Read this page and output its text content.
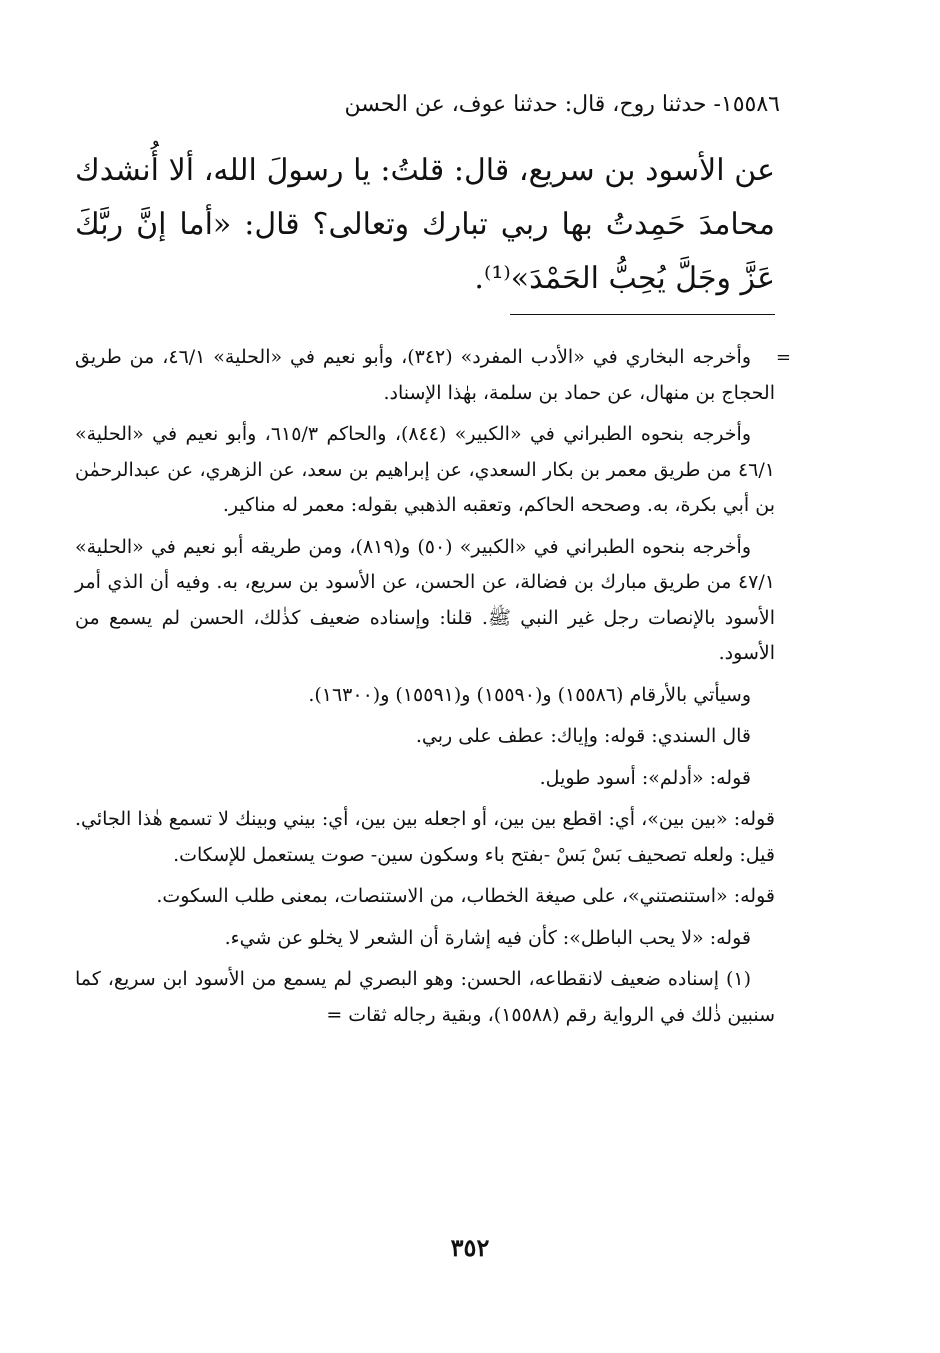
١٥٥٨٦- حدثنا روح، قال: حدثنا عوف، عن الحسن
عن الأسود بن سريع، قال: قلتُ: يا رسولَ الله، ألا أُنشدك
محامدَ حَمِدتُ بها ربي تبارك وتعالى؟ قال: «أما إنَّ ربَّكَ
عَزَّ وجَلَّ يُحِبُّ الحَمْدَ»⁽¹⁾.
=

وأخرجه البخاري في «الأدب المفرد» (٣٤٢)، وأبو نعيم في «الحلية» ٤٦/١، من طريق الحجاج بن منهال، عن حماد بن سلمة، بهٰذا الإسناد.

وأخرجه بنحوه الطبراني في «الكبير» (٨٤٤)، والحاكم ٦١٥/٣، وأبو نعيم في «الحلية» ٤٦/١ من طريق معمر بن بكار السعدي، عن إبراهيم بن سعد، عن الزهري، عن عبدالرحمٰن بن أبي بكرة، به. وصححه الحاكم، وتعقبه الذهبي بقوله: معمر له مناكير.

وأخرجه بنحوه الطبراني في «الكبير» (٥٠) و(٨١٩)، ومن طريقه أبو نعيم في «الحلية» ٤٧/١ من طريق مبارك بن فضالة، عن الحسن، عن الأسود بن سريع، به. وفيه أن الذي أمر الأسود بالإنصات رجل غير النبي ﷺ. قلنا: وإسناده ضعيف كذٰلك، الحسن لم يسمع من الأسود.

وسيأتي بالأرقام (١٥٥٨٦) و(١٥٥٩٠) و(١٥٥٩١) و(١٦٣٠٠).

قال السندي: قوله: وإياك: عطف على ربي.

قوله: «أدلم»: أسود طويل.

قوله: «بين بين»، أي: اقطع بين بين، أو اجعله بين بين، أي: بيني وبينك لا تسمع هٰذا الجائي. قيل: ولعله تصحيف بَسْ بَسْ -بفتح باء وسكون سين- صوت يستعمل للإسكات.

قوله: «استنصتني»، على صيغة الخطاب، من الاستنصات، بمعنى طلب السكوت.

قوله: «لا يحب الباطل»: كأن فيه إشارة أن الشعر لا يخلو عن شيء.

(١) إسناده ضعيف لانقطاعه، الحسن: وهو البصري لم يسمع من الأسود ابن سريع، كما سنبين ذٰلك في الرواية رقم (١٥٥٨٨)، وبقية رجاله ثقات =

٣٥٢
